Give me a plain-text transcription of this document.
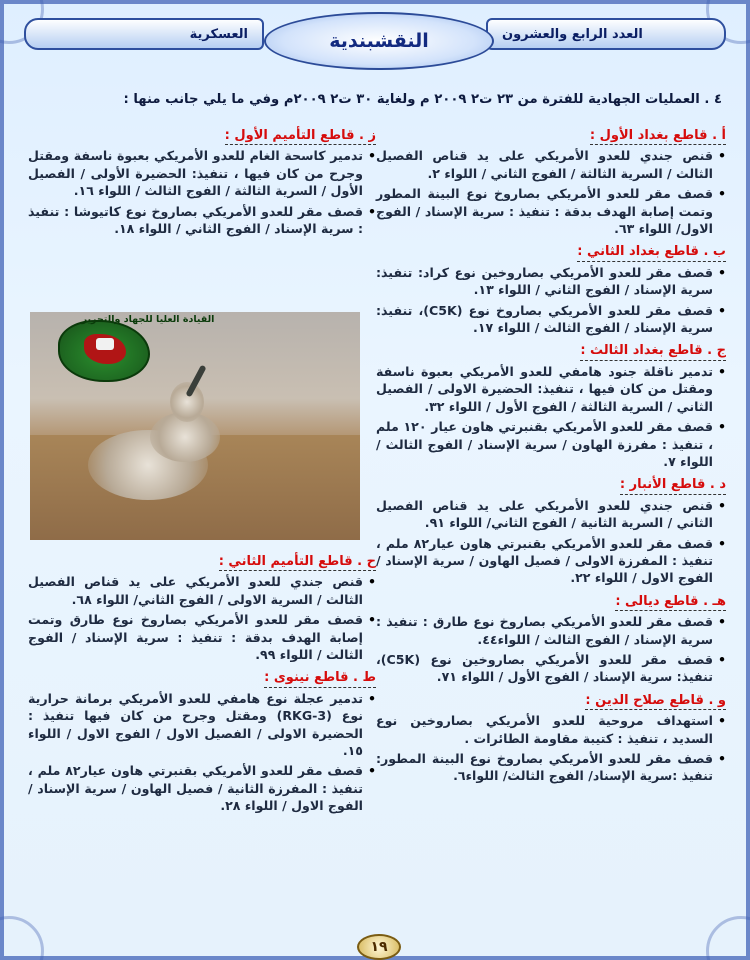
العدد الرابع والعشرون
النقشبندية
العسكرية
٤ . العمليات الجهادية للفترة من ٢٣ ت٢ ٢٠٠٩ م ولغاية ٣٠ ت٢ ٢٠٠٩م وفي ما يلي جانب منها :
أ . قاطع بغداد الأول :
• قنص جندي للعدو الأمريكي على يد قناص الفصيل الثالث / السرية الثالثة / الفوج الثاني / اللواء ٢.
• قصف مقر للعدو الأمريكي بصاروخ نوع البينة المطور وتمت إصابة الهدف بدقة : تنفيذ : سرية الإسناد / الفوج الاول/ اللواء ٦٣.
ب . قاطع بغداد الثاني :
• قصف مقر للعدو الأمريكي بصاروخين نوع كراد: تنفيذ: سرية الإسناد / الفوج الثاني / اللواء ١٣.
• قصف مقر للعدو الأمريكي بصاروخ نوع (C5K)، تنفيذ: سرية الإسناد / الفوج الثالث / اللواء ١٧.
ج . قاطع بغداد الثالث :
• تدمير ناقلة جنود هامفي للعدو الأمريكي بعبوة ناسفة ومقتل من كان فيها ، تنفيذ: الحضيرة الاولى / الفصيل الثاني / السرية الثالثة / الفوج الأول / اللواء ٣٢.
• قصف مقر للعدو الأمريكي بقنبرتي هاون عيار ١٢٠ ملم ، تنفيذ : مفرزة الهاون / سرية الإسناد / الفوج الثالث / اللواء ٧.
د . قاطع الأنبار :
• قنص جندي للعدو الأمريكي على يد قناص الفصيل الثاني / السرية الثانية / الفوج الثاني/ اللواء ٩١.
• قصف مقر للعدو الأمريكي بقنبرتي هاون عيار٨٢ ملم ، تنفيذ : المفرزة الاولى / فصيل الهاون / سرية الإسناد / الفوج الاول / اللواء ٢٢.
هـ . قاطع ديالى :
• قصف مقر للعدو الأمريكي بصاروخ نوع طارق : تنفيذ : سرية الإسناد / الفوج الثالث / اللواء٤٤.
• قصف مقر للعدو الأمريكي بصاروخين نوع (C5K)، تنفيذ: سرية الإسناد / الفوج الأول / اللواء ٧١.
و . قاطع صلاح الدين :
• استهداف مروحية للعدو الأمريكي بصاروخين نوع السديد ، تنفيذ : كتيبة مقاومة الطائرات .
• قصف مقر للعدو الأمريكي بصاروخ نوع البينة المطور: تنفيذ :سرية الإسناد/ الفوج الثالث/ اللواء٦.
ز . قاطع التأميم الأول :
• تدمير كاسحة الغام للعدو الأمريكي بعبوة ناسفة ومقتل وجرح من كان فيها ، تنفيذ: الحضيرة الأولى / الفصيل الأول / السرية الثالثة / الفوج الثالث / اللواء ١٦.
• قصف مقر للعدو الأمريكي بصاروخ نوع كاتيوشا : تنفيذ : سرية الإسناد / الفوج الثاني / اللواء ١٨.
القيادة العليا للجهاد والتحرير
ح . قاطع التأميم الثاني :
• قنص جندي للعدو الأمريكي على يد قناص الفصيل الثالث / السرية الاولى / الفوج الثاني/ اللواء ٦٨.
• قصف مقر للعدو الأمريكي بصاروخ نوع طارق وتمت إصابة الهدف بدقة : تنفيذ : سرية الإسناد / الفوج الثالث / اللواء ٩٩.
ط . قاطع نينوى :
• تدمير عجلة نوع هامفي للعدو الأمريكي برمانة حرارية نوع (RKG-3) ومقتل وجرح من كان فيها تنفيذ : الحضيرة الاولى / الفصيل الاول / الفوج الاول / اللواء ١٥.
• قصف مقر للعدو الأمريكي بقنبرتي هاون عيار٨٢ ملم ، تنفيذ : المفرزة الثانية / فصيل الهاون / سرية الإسناد / الفوج الاول / اللواء ٢٨.
١٩
